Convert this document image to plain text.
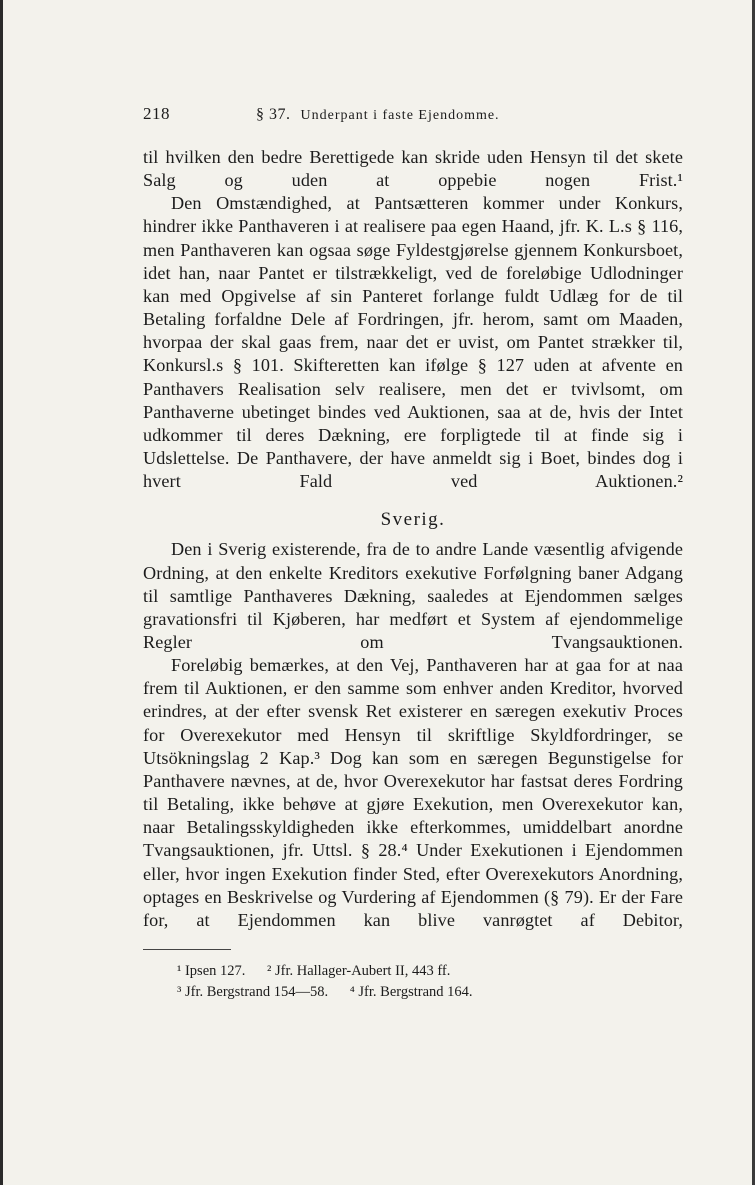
218	§ 37. Underpant i faste Ejendomme.

til hvilken den bedre Berettigede kan skride uden Hensyn til det skete Salg og uden at oppebie nogen Frist.¹

Den Omstændighed, at Pantsætteren kommer under Konkurs, hindrer ikke Panthaveren i at realisere paa egen Haand, jfr. K. L.s § 116, men Panthaveren kan ogsaa søge Fyldestgjørelse gjennem Konkursboet, idet han, naar Pantet er tilstrækkeligt, ved de foreløbige Udlodninger kan med Opgivelse af sin Panteret forlange fuldt Udlæg for de til Betaling forfaldne Dele af Fordringen, jfr. herom, samt om Maaden, hvorpaa der skal gaas frem, naar det er uvist, om Pantet strækker til, Konkursl.s § 101. Skifteretten kan ifølge § 127 uden at afvente en Panthavers Realisation selv realisere, men det er tvivlsomt, om Panthaverne ubetinget bindes ved Auktionen, saa at de, hvis der Intet udkommer til deres Dækning, ere forpligtede til at finde sig i Udslettelse. De Panthavere, der have anmeldt sig i Boet, bindes dog i hvert Fald ved Auktionen.²

Sverig.

Den i Sverig existerende, fra de to andre Lande væsentlig afvigende Ordning, at den enkelte Kreditors exekutive Forfølgning baner Adgang til samtlige Panthaveres Dækning, saaledes at Ejendommen sælges gravationsfri til Kjøberen, har medført et System af ejendommelige Regler om Tvangsauktionen.

Foreløbig bemærkes, at den Vej, Panthaveren har at gaa for at naa frem til Auktionen, er den samme som enhver anden Kreditor, hvorved erindres, at der efter svensk Ret existerer en særegen exekutiv Proces for Overexekutor med Hensyn til skriftlige Skyldfordringer, se Utsökningslag 2 Kap.³ Dog kan som en særegen Begunstigelse for Panthavere nævnes, at de, hvor Overexekutor har fastsat deres Fordring til Betaling, ikke behøve at gjøre Exekution, men Overexekutor kan, naar Betalingsskyldigheden ikke efterkommes, umiddelbart anordne Tvangsauktionen, jfr. Uttsl. § 28.⁴ Under Exekutionen i Ejendommen eller, hvor ingen Exekution finder Sted, efter Overexekutors Anordning, optages en Beskrivelse og Vurdering af Ejendommen (§ 79). Er der Fare for, at Ejendommen kan blive vanrøgtet af Debitor,

¹ Ipsen 127. ² Jfr. Hallager-Aubert II, 443 ff.
³ Jfr. Bergstrand 154—58. ⁴ Jfr. Bergstrand 164.
